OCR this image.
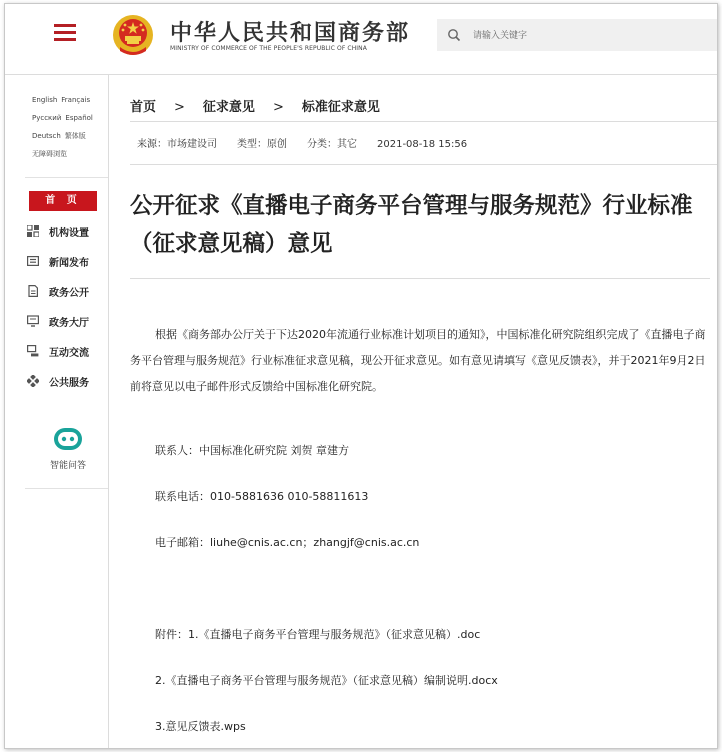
中华人民共和国商务部
MINISTRY OF COMMERCE OF THE PEOPLE'S REPUBLIC OF CHINA
请输入关键字
English Français
Русский Español
Deutsch 繁体版
无障碍浏览
首 页
机构设置
新闻发布
政务公开
政务大厅
互动交流
公共服务
智能问答
首页 > 征求意见 > 标准征求意见
来源：市场建设司 类型：原创 分类：其它 2021-08-18 15:56
公开征求《直播电子商务平台管理与服务规范》行业标准（征求意见稿）意见
根据《商务部办公厅关于下达2020年流通行业标准计划项目的通知》，中国标准化研究院组织完成了《直播电子商务平台管理与服务规范》行业标准征求意见稿，现公开征求意见。如有意见请填写《意见反馈表》，并于2021年9月2日前将意见以电子邮件形式反馈给中国标准化研究院。
联系人：中国标准化研究院 刘贺 章建方
联系电话：010-5881636 010-58811613
电子邮箱：liuhe@cnis.ac.cn；zhangjf@cnis.ac.cn
附件：1.《直播电子商务平台管理与服务规范》（征求意见稿）.doc
2.《直播电子商务平台管理与服务规范》（征求意见稿）编制说明.docx
3.意见反馈表.wps
